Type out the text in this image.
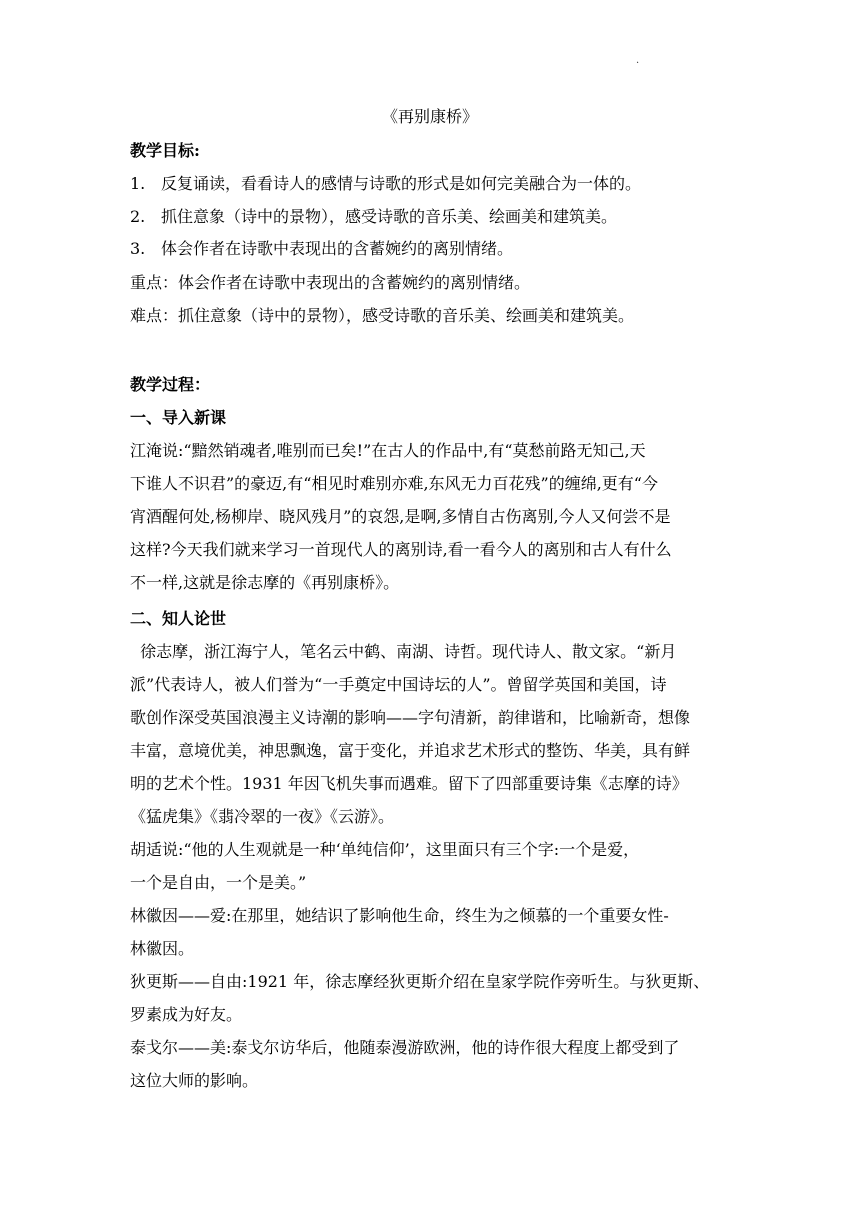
·
《再别康桥》
教学目标:
1. 反复诵读，看看诗人的感情与诗歌的形式是如何完美融合为一体的。
2. 抓住意象（诗中的景物），感受诗歌的音乐美、绘画美和建筑美。
3. 体会作者在诗歌中表现出的含蓄婉约的离别情绪。
重点：体会作者在诗歌中表现出的含蓄婉约的离别情绪。
难点：抓住意象（诗中的景物），感受诗歌的音乐美、绘画美和建筑美。
教学过程：
一、导入新课
江淹说:“黯然销魂者,唯别而已矣!”在古人的作品中,有“莫愁前路无知己,天
下谁人不识君”的豪迈,有“相见时难别亦难,东风无力百花残”的缠绵,更有“今
宵酒醒何处,杨柳岸、晓风残月”的哀怨,是啊,多情自古伤离别,今人又何尝不是
这样?今天我们就来学习一首现代人的离别诗,看一看今人的离别和古人有什么
不一样,这就是徐志摩的《再别康桥》。
二、知人论世
徐志摩，浙江海宁人，笔名云中鹤、南湖、诗哲。现代诗人、散文家。“新月
派”代表诗人，被人们誉为“一手奠定中国诗坛的人”。曾留学英国和美国，诗
歌创作深受英国浪漫主义诗潮的影响——字句清新，韵律谐和，比喻新奇，想像
丰富，意境优美，神思飘逸，富于变化，并追求艺术形式的整饬、华美，具有鲜
明的艺术个性。1931 年因飞机失事而遇难。留下了四部重要诗集《志摩的诗》
《猛虎集》《翡冷翠的一夜》《云游》。
胡适说:“他的人生观就是一种‘单纯信仰’，这里面只有三个字:一个是爱，
一个是自由，一个是美。”
林徽因——爱:在那里，她结识了影响他生命，终生为之倾慕的一个重要女性-
林徽因。
狄更斯——自由:1921 年，徐志摩经狄更斯介绍在皇家学院作旁听生。与狄更斯、
罗素成为好友。
泰戈尔——美:泰戈尔访华后，他随泰漫游欧洲，他的诗作很大程度上都受到了
这位大师的影响。
